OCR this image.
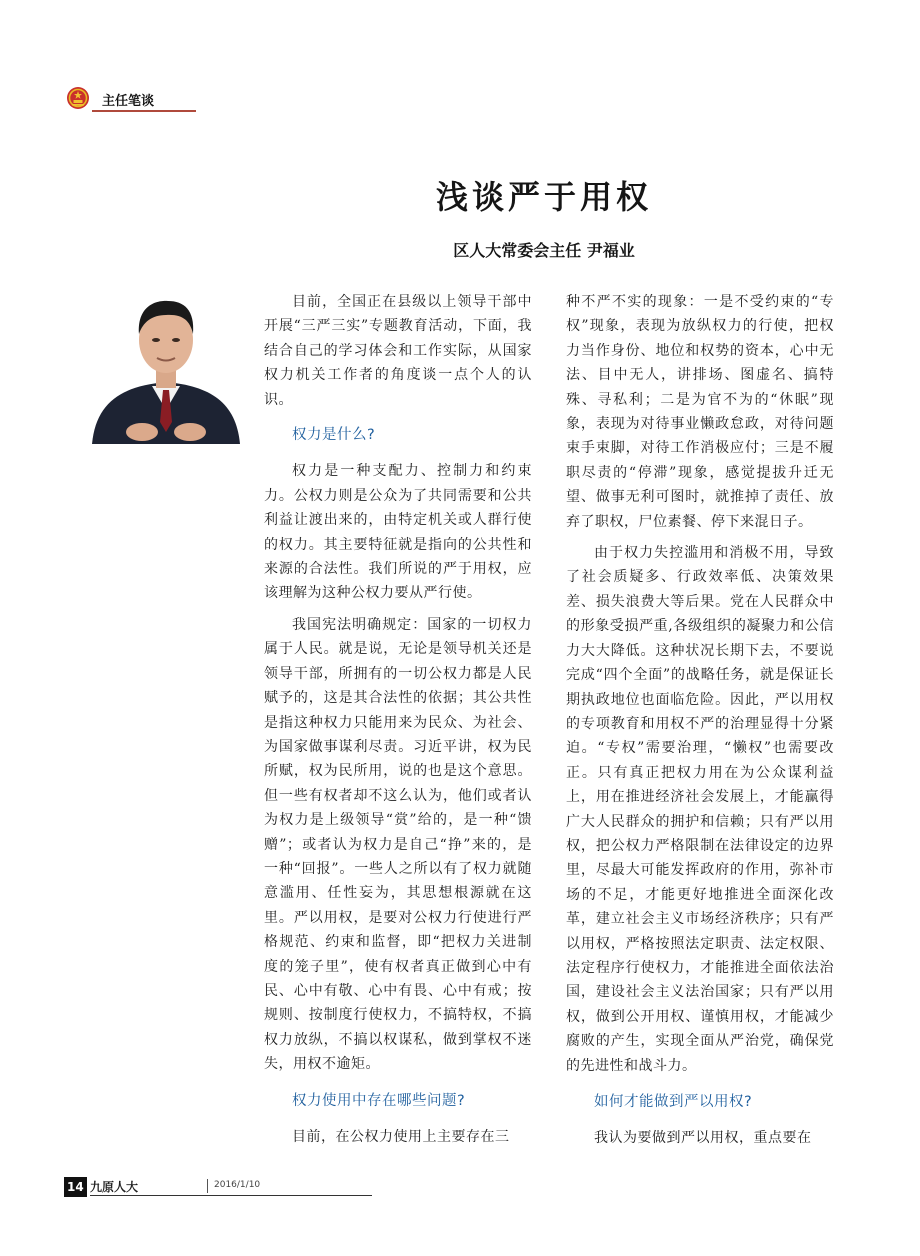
主任笔谈
浅谈严于用权
区人大常委会主任 尹福业

目前，全国正在县级以上领导干部中开展“三严三实”专题教育活动，下面，我结合自己的学习体会和工作实际，从国家权力机关工作者的角度谈一点个人的认识。

权力是什么?

权力是一种支配力、控制力和约束力。公权力则是公众为了共同需要和公共利益让渡出来的，由特定机关或人群行使的权力。其主要特征就是指向的公共性和来源的合法性。我们所说的严于用权，应该理解为这种公权力要从严行使。

我国宪法明确规定：国家的一切权力属于人民。就是说，无论是领导机关还是领导干部，所拥有的一切公权力都是人民赋予的，这是其合法性的依据；其公共性是指这种权力只能用来为民众、为社会、为国家做事谋利尽责。习近平讲，权为民所赋，权为民所用，说的也是这个意思。但一些有权者却不这么认为，他们或者认为权力是上级领导“赏”给的，是一种“馈赠”；或者认为权力是自己“挣”来的，是一种“回报”。一些人之所以有了权力就随意滥用、任性妄为，其思想根源就在这里。严以用权，是要对公权力行使进行严格规范、约束和监督，即“把权力关进制度的笼子里”，使有权者真正做到心中有民、心中有敬、心中有畏、心中有戒；按规则、按制度行使权力，不搞特权，不搞权力放纵，不搞以权谋私，做到掌权不迷失，用权不逾矩。

权力使用中存在哪些问题?

目前，在公权力使用上主要存在三

种不严不实的现象：一是不受约束的“专权”现象，表现为放纵权力的行使，把权力当作身份、地位和权势的资本，心中无法、目中无人，讲排场、图虚名、搞特殊、寻私利；二是为官不为的“休眠”现象，表现为对待事业懒政怠政，对待问题束手束脚，对待工作消极应付；三是不履职尽责的“停滞”现象，感觉提拔升迁无望、做事无利可图时，就推掉了责任、放弃了职权，尸位素餐、停下来混日子。

由于权力失控滥用和消极不用，导致了社会质疑多、行政效率低、决策效果差、损失浪费大等后果。党在人民群众中的形象受损严重,各级组织的凝聚力和公信力大大降低。这种状况长期下去，不要说完成“四个全面”的战略任务，就是保证长期执政地位也面临危险。因此，严以用权的专项教育和用权不严的治理显得十分紧迫。“专权”需要治理，“懒权”也需要改正。只有真正把权力用在为公众谋利益上，用在推进经济社会发展上，才能赢得广大人民群众的拥护和信赖；只有严以用权，把公权力严格限制在法律设定的边界里，尽最大可能发挥政府的作用，弥补市场的不足，才能更好地推进全面深化改革，建立社会主义市场经济秩序；只有严以用权，严格按照法定职责、法定权限、法定程序行使权力，才能推进全面依法治国，建设社会主义法治国家；只有严以用权，做到公开用权、谨慎用权，才能减少腐败的产生，实现全面从严治党，确保党的先进性和战斗力。

如何才能做到严以用权?

我认为要做到严以用权，重点要在

14 九原人大	2016/1/10
